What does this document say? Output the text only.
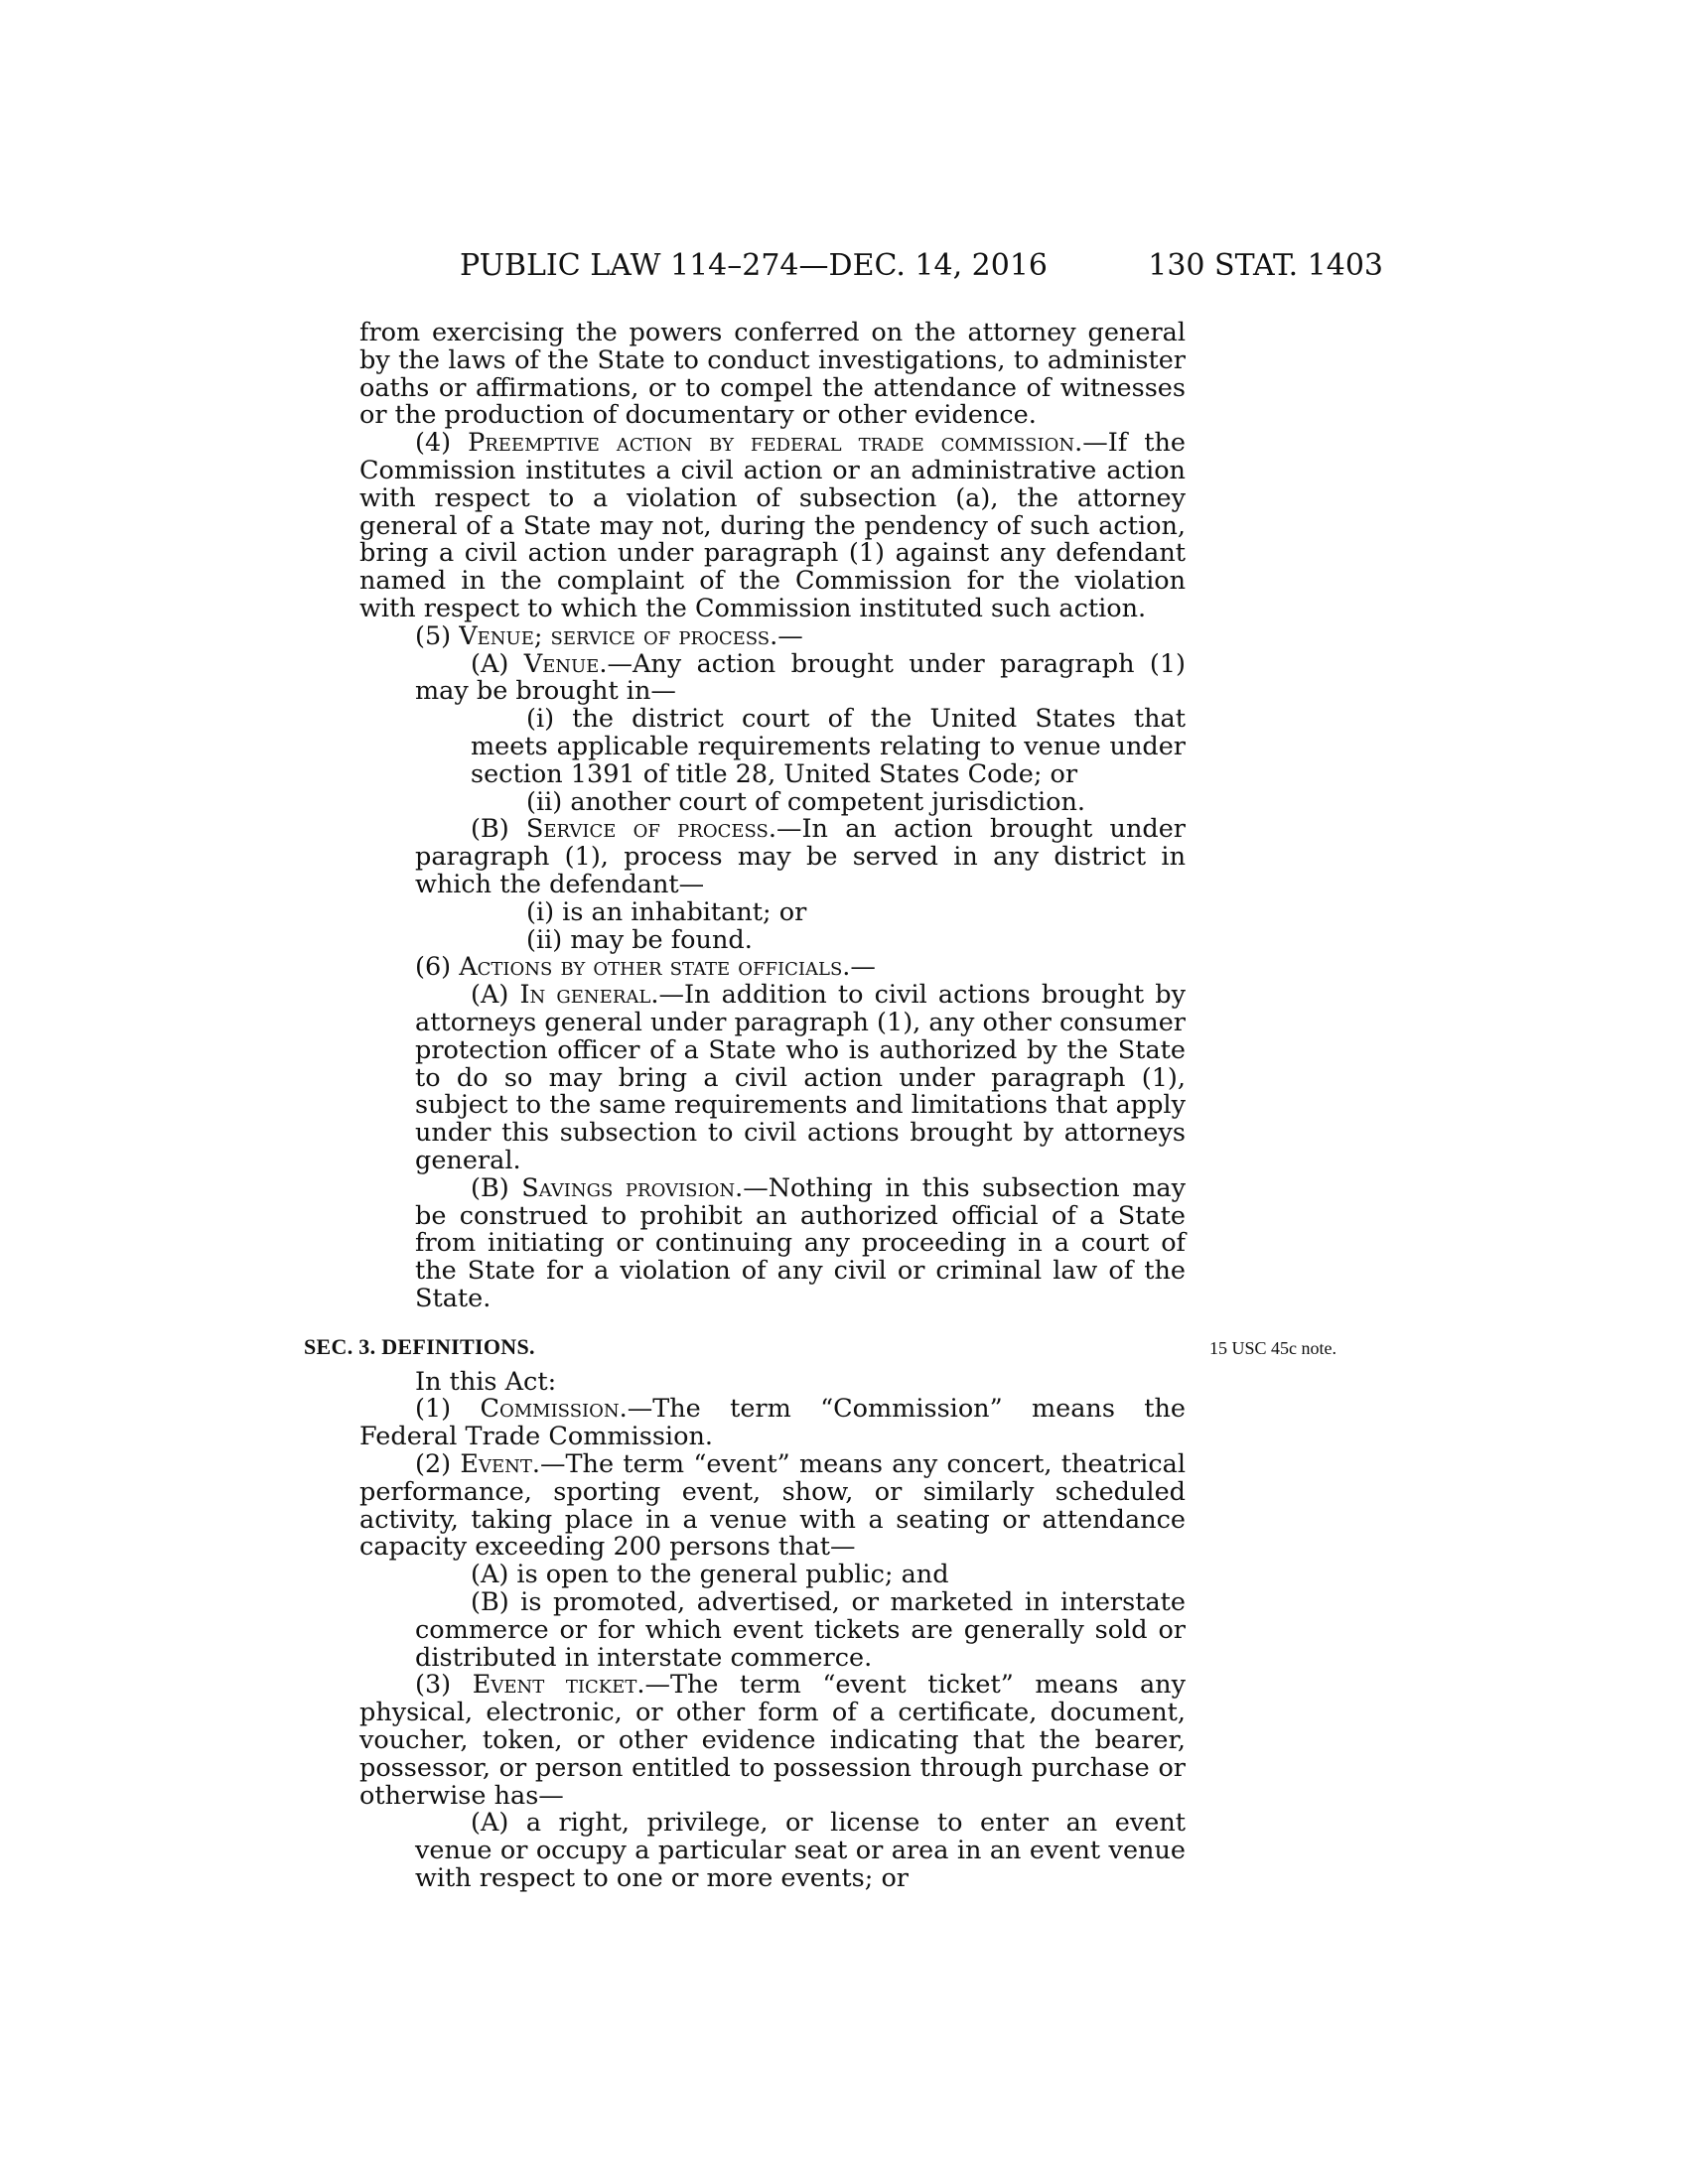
PUBLIC LAW 114–274—DEC. 14, 2016	130 STAT. 1403

from exercising the powers conferred on the attorney general by the laws of the State to conduct investigations, to administer oaths or affirmations, or to compel the attendance of witnesses or the production of documentary or other evidence.

(4) Preemptive action by federal trade commission.—If the Commission institutes a civil action or an administrative action with respect to a violation of subsection (a), the attorney general of a State may not, during the pendency of such action, bring a civil action under paragraph (1) against any defendant named in the complaint of the Commission for the violation with respect to which the Commission instituted such action.

(5) Venue; service of process.—

(A) Venue.—Any action brought under paragraph (1) may be brought in—

(i) the district court of the United States that meets applicable requirements relating to venue under section 1391 of title 28, United States Code; or

(ii) another court of competent jurisdiction.

(B) Service of process.—In an action brought under paragraph (1), process may be served in any district in which the defendant—

(i) is an inhabitant; or

(ii) may be found.

(6) Actions by other state officials.—

(A) In general.—In addition to civil actions brought by attorneys general under paragraph (1), any other consumer protection officer of a State who is authorized by the State to do so may bring a civil action under paragraph (1), subject to the same requirements and limitations that apply under this subsection to civil actions brought by attorneys general.

(B) Savings provision.—Nothing in this subsection may be construed to prohibit an authorized official of a State from initiating or continuing any proceeding in a court of the State for a violation of any civil or criminal law of the State.

SEC. 3. DEFINITIONS.	15 USC 45c note.

In this Act:

(1) Commission.—The term “Commission” means the Federal Trade Commission.

(2) Event.—The term “event” means any concert, theatrical performance, sporting event, show, or similarly scheduled activity, taking place in a venue with a seating or attendance capacity exceeding 200 persons that—

(A) is open to the general public; and

(B) is promoted, advertised, or marketed in interstate commerce or for which event tickets are generally sold or distributed in interstate commerce.

(3) Event ticket.—The term “event ticket” means any physical, electronic, or other form of a certificate, document, voucher, token, or other evidence indicating that the bearer, possessor, or person entitled to possession through purchase or otherwise has—

(A) a right, privilege, or license to enter an event venue or occupy a particular seat or area in an event venue with respect to one or more events; or
